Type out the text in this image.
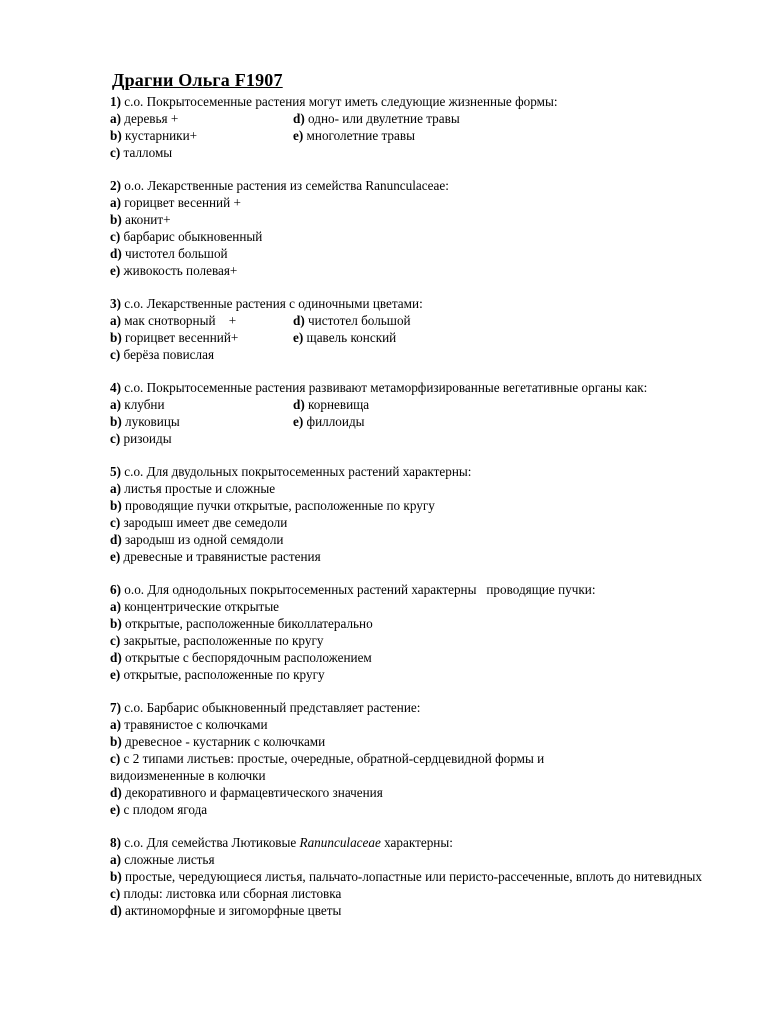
Драгни Ольга F1907
1) с.о. Покрытосеменные растения могут иметь следующие жизненные формы:
a) деревья +	d) одно- или двулетние травы
b) кустарники+	e) многолетние травы
c) талломы
2) о.о. Лекарственные растения из семейства Ranunculaceae:
a) горицвет весенний +
b) аконит+
c) барбарис обыкновенный
d) чистотел большой
e) живокость полевая+
3) с.о. Лекарственные растения с одиночными цветами:
a) мак снотворный    +	d) чистотел большой
b) горицвет весенний+	e) щавель конский
c) берёза повислая
4) с.о. Покрытосеменные растения развивают метаморфизированные вегетативные органы как:
a) клубни	d) корневища
b) луковицы	e) филлоиды
c) ризоиды
5) с.о. Для двудольных покрытосеменных растений характерны:
a) листья простые и сложные
b) проводящие пучки открытые, расположенные по кругу
c) зародыш имеет две семедоли
d) зародыш из одной семядоли
e) древесные и травянистые растения
6) о.о. Для однодольных покрытосеменных растений характерны   проводящие пучки:
a) концентрические открытые
b) открытые, расположенные биколлатерально
c) закрытые, расположенные по кругу
d) открытые с беспорядочным расположением
e) открытые, расположенные по кругу
7) с.о. Барбарис обыкновенный представляет растение:
a) травянистое с колючками
b) древесное - кустарник с колючками
c) с 2 типами листьев: простые, очередные, обратной-сердцевидной формы и видоизмененные в колючки
d) декоративного и фармацевтического значения
e) с плодом ягода
8) с.о. Для семейства Лютиковые Ranunculaceae характерны:
a) сложные листья
b) простые, чередующиеся листья, пальчато-лопастные или перисто-рассеченные, вплоть до нитевидных
c) плоды: листовка или сборная листовка
d) актиноморфные и зигоморфные цветы
